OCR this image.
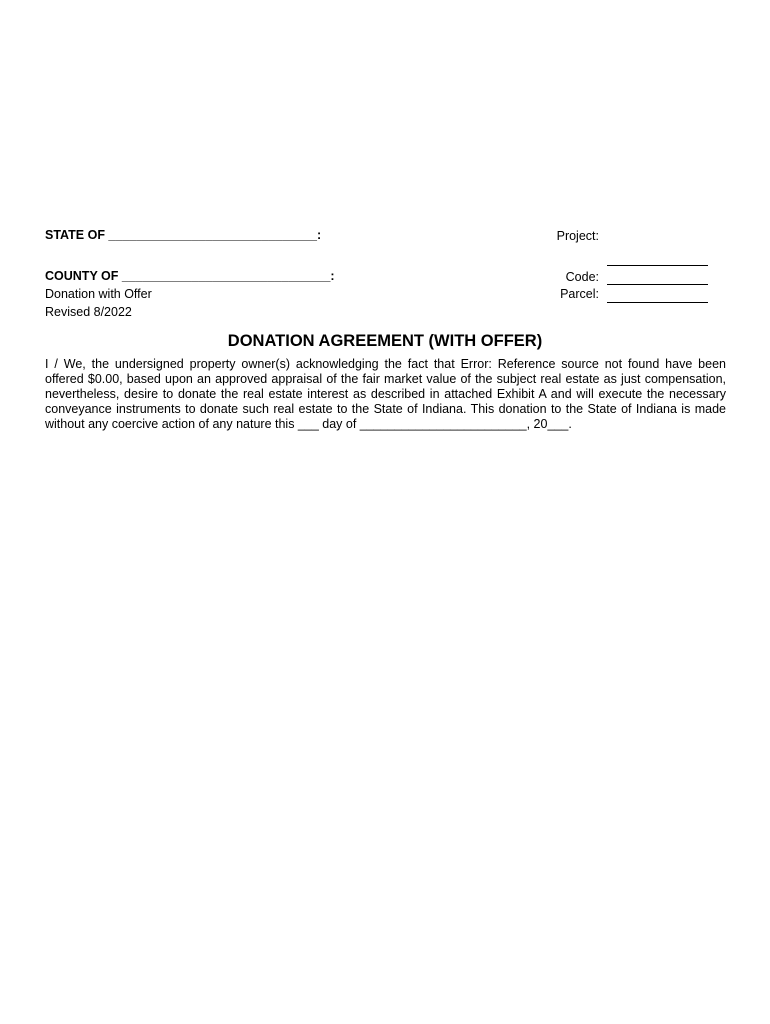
STATE OF ______________________________:
COUNTY OF ______________________________:
Donation with Offer
Revised 8/2022
Project:
Code:
Parcel:
DONATION AGREEMENT (WITH OFFER)
I / We, the undersigned property owner(s) acknowledging the fact that Error: Reference source not found have been
offered $0.00, based upon an approved appraisal of the fair market value of the subject real estate as just compensation,
nevertheless, desire to donate the real estate interest as described in attached Exhibit A and will execute the necessary
conveyance instruments to donate such real estate to the State of Indiana. This donation to the State of Indiana is made
without any coercive action of any nature this ___ day of ________________________, 20___.
